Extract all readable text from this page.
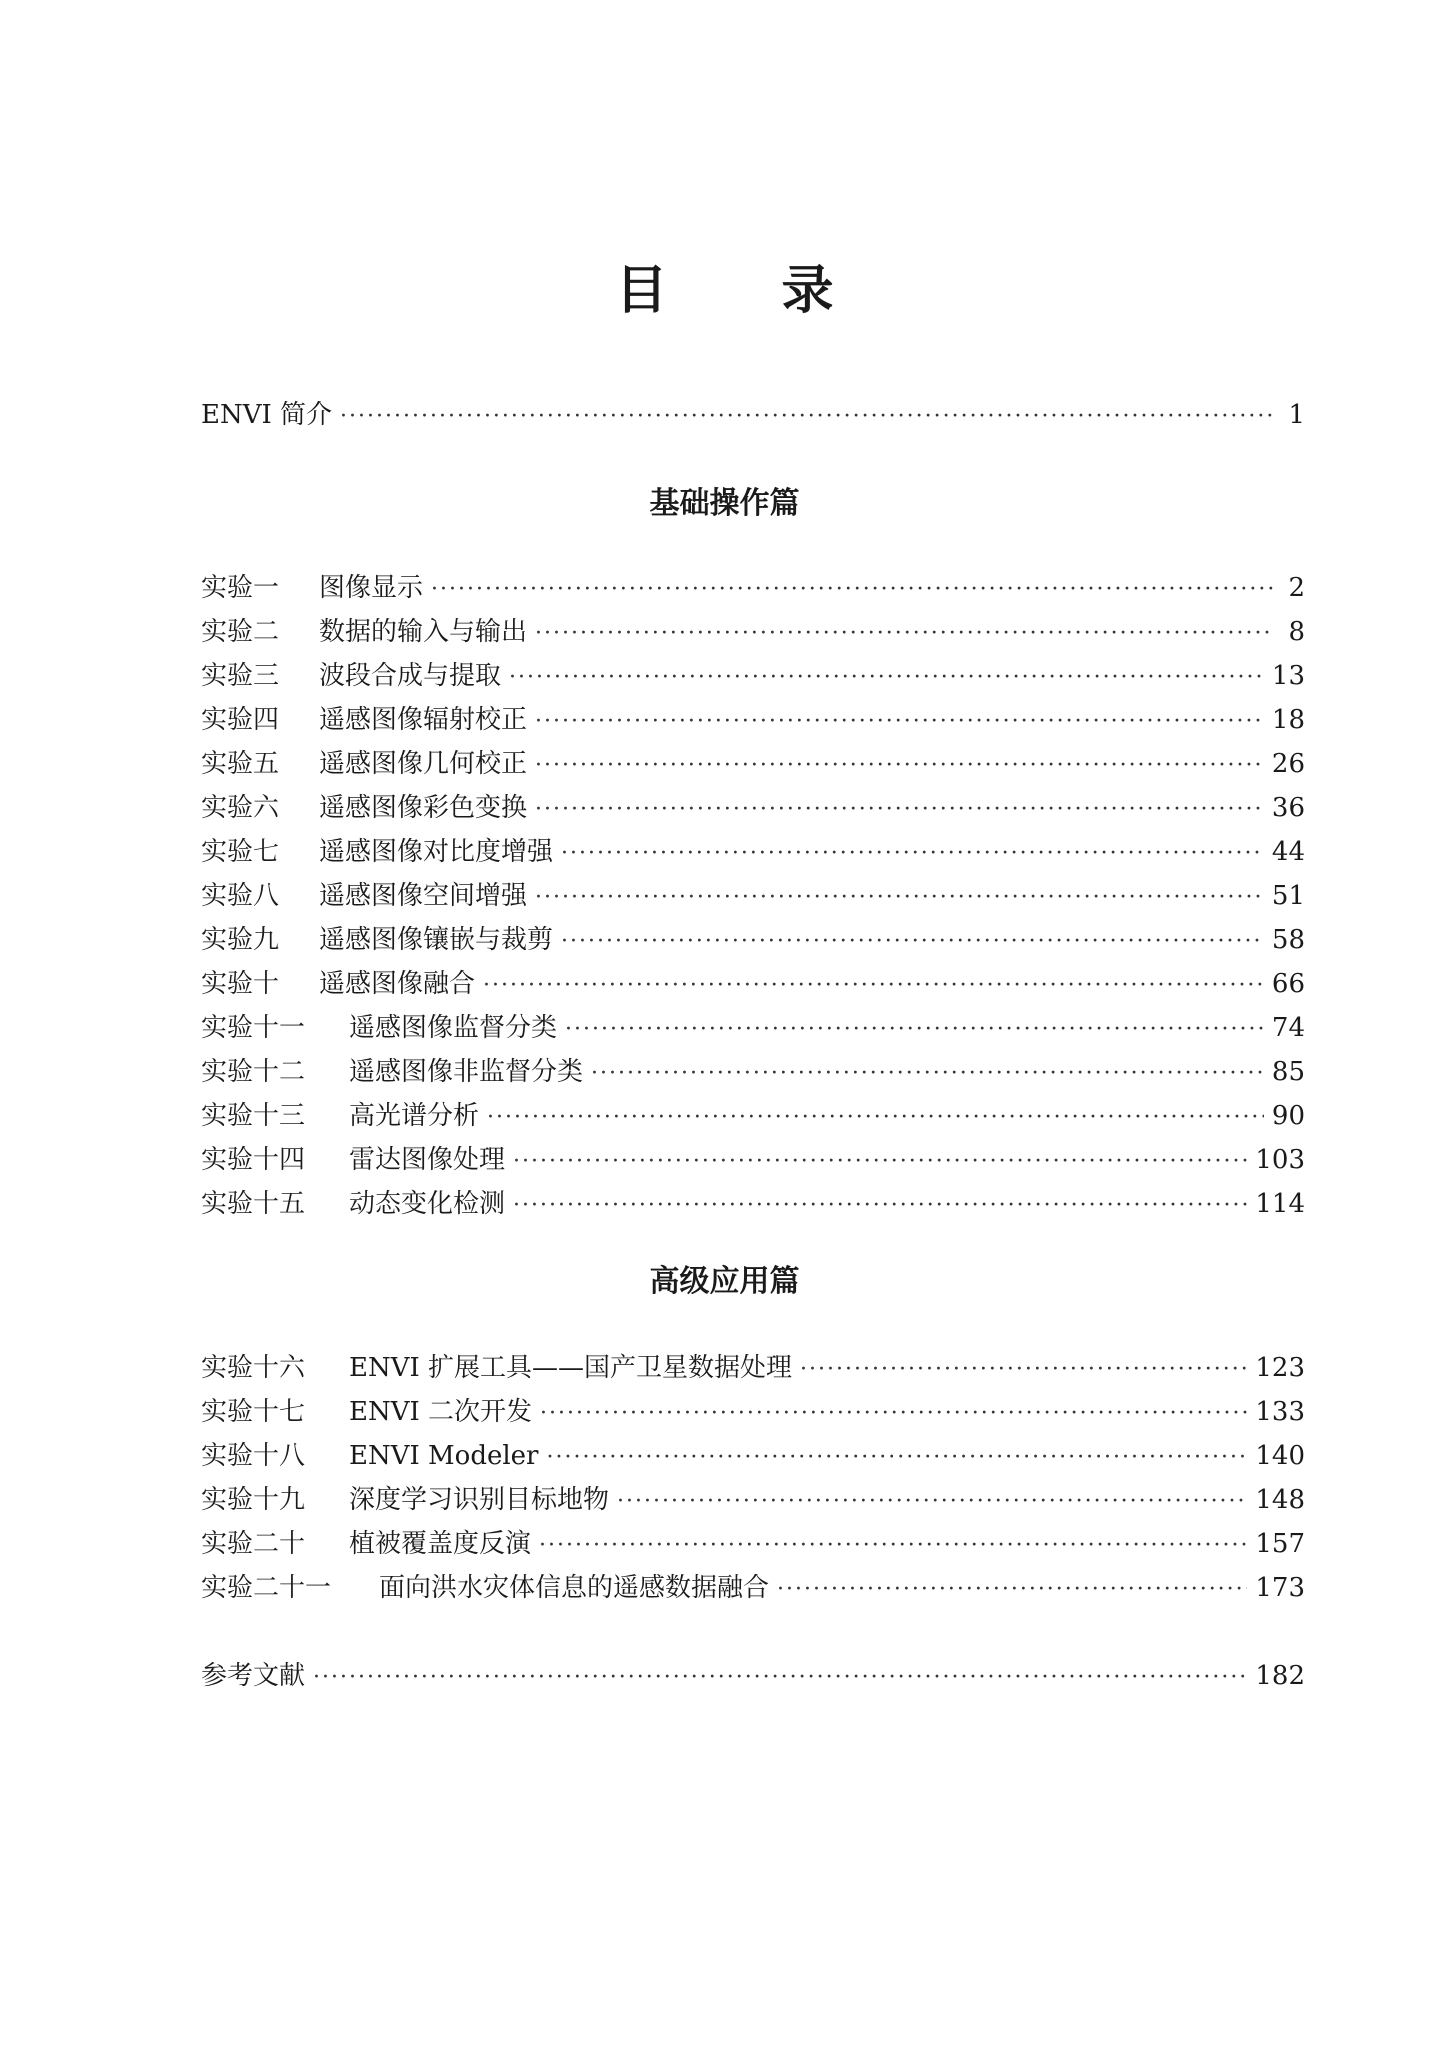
目 录
ENVI 简介 ·····	1
基础操作篇
实验一	图像显示 ·····	2
实验二	数据的输入与输出 ·····	8
实验三	波段合成与提取 ·····	13
实验四	遥感图像辐射校正 ·····	18
实验五	遥感图像几何校正 ·····	26
实验六	遥感图像彩色变换 ·····	36
实验七	遥感图像对比度增强 ·····	44
实验八	遥感图像空间增强 ·····	51
实验九	遥感图像镶嵌与裁剪 ·····	58
实验十	遥感图像融合 ·····	66
实验十一	遥感图像监督分类 ·····	74
实验十二	遥感图像非监督分类 ·····	85
实验十三	高光谱分析 ·····	90
实验十四	雷达图像处理 ·····	103
实验十五	动态变化检测 ·····	114
高级应用篇
实验十六	ENVI 扩展工具——国产卫星数据处理 ·····	123
实验十七	ENVI 二次开发 ·····	133
实验十八	ENVI Modeler ·····	140
实验十九	深度学习识别目标地物 ·····	148
实验二十	植被覆盖度反演 ·····	157
实验二十一	面向洪水灾体信息的遥感数据融合 ·····	173
参考文献 ·····	182
